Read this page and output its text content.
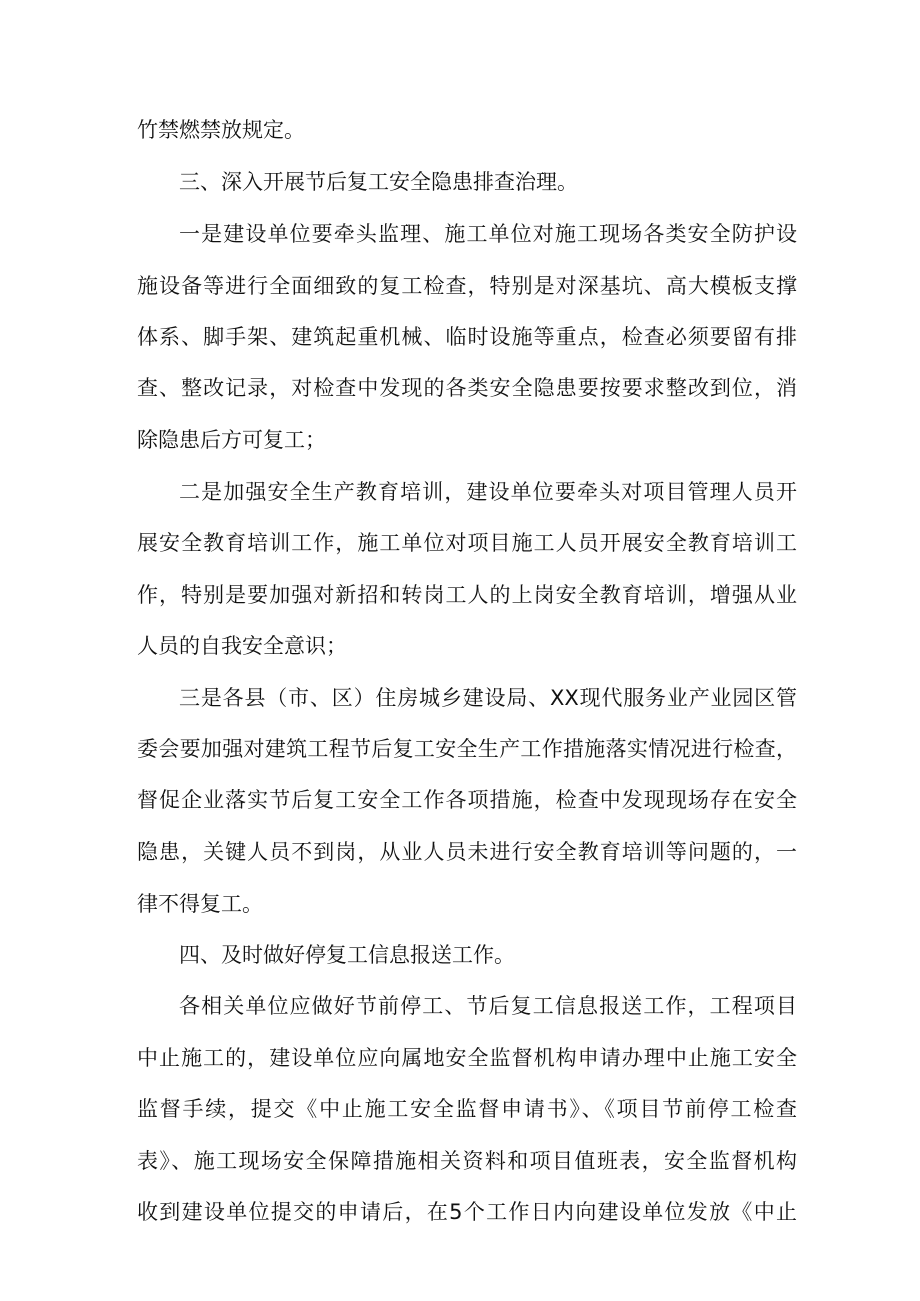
竹禁燃禁放规定。
三、深入开展节后复工安全隐患排查治理。
一是建设单位要牵头监理、施工单位对施工现场各类安全防护设
施设备等进行全面细致的复工检查，特别是对深基坑、高大模板支撑
体系、脚手架、建筑起重机械、临时设施等重点，检查必须要留有排
查、整改记录，对检查中发现的各类安全隐患要按要求整改到位，消
除隐患后方可复工；
二是加强安全生产教育培训，建设单位要牵头对项目管理人员开
展安全教育培训工作，施工单位对项目施工人员开展安全教育培训工
作，特别是要加强对新招和转岗工人的上岗安全教育培训，增强从业
人员的自我安全意识；
三是各县（市、区）住房城乡建设局、XX现代服务业产业园区管
委会要加强对建筑工程节后复工安全生产工作措施落实情况进行检查，
督促企业落实节后复工安全工作各项措施，检查中发现现场存在安全
隐患，关键人员不到岗，从业人员未进行安全教育培训等问题的，一
律不得复工。
四、及时做好停复工信息报送工作。
各相关单位应做好节前停工、节后复工信息报送工作，工程项目
中止施工的，建设单位应向属地安全监督机构申请办理中止施工安全
监督手续，提交《中止施工安全监督申请书》、《项目节前停工检查
表》、施工现场安全保障措施相关资料和项目值班表，安全监督机构
收到建设单位提交的申请后，在5个工作日内向建设单位发放《中止
